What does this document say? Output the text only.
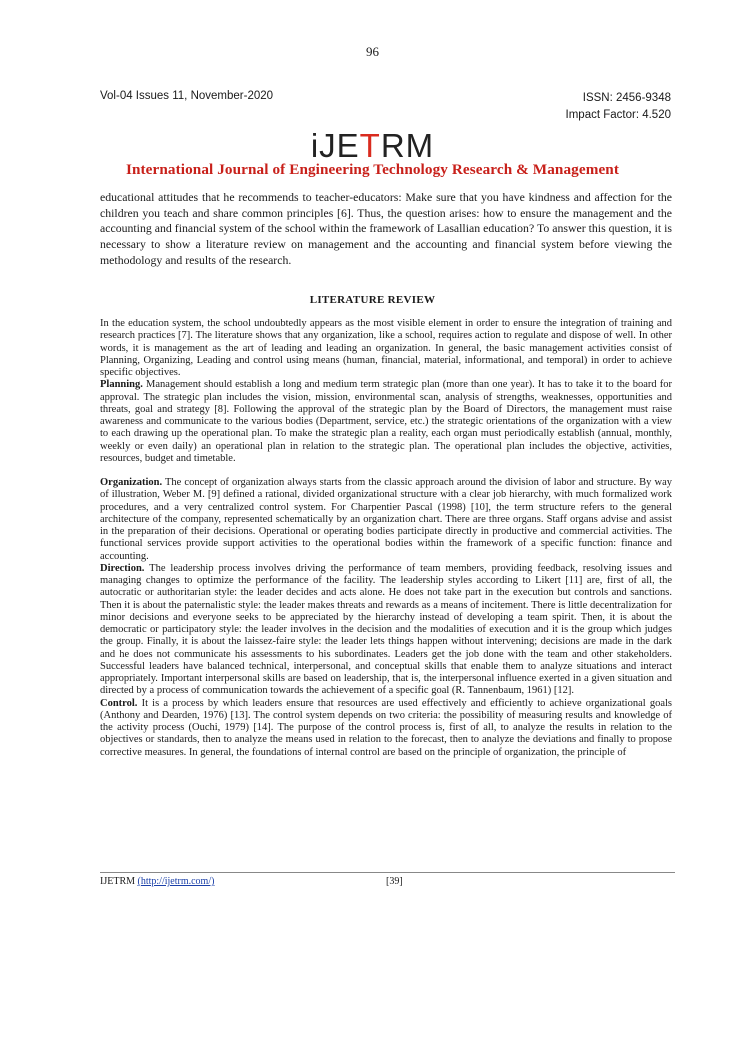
96
Vol-04 Issues 11, November-2020	ISSN: 2456-9348
Impact Factor: 4.520
iJETRM
International Journal of Engineering Technology Research & Management
educational attitudes that he recommends to teacher-educators: Make sure that you have kindness and affection for the children you teach and share common principles [6]. Thus, the question arises: how to ensure the management and the accounting and financial system of the school within the framework of Lasallian education? To answer this question, it is necessary to show a literature review on management and the accounting and financial system before viewing the methodology and results of the research.
LITERATURE REVIEW

In the education system, the school undoubtedly appears as the most visible element in order to ensure the integration of training and research practices [7]. The literature shows that any organization, like a school, requires action to regulate and dispose of well. In other words, it is management as the art of leading and leading an organization. In general, the basic management activities consist of Planning, Organizing, Leading and control using means (human, financial, material, informational, and temporal) in order to achieve specific objectives.

Planning. Management should establish a long and medium term strategic plan (more than one year). It has to take it to the board for approval. The strategic plan includes the vision, mission, environmental scan, analysis of strengths, weaknesses, opportunities and threats, goal and strategy [8]. Following the approval of the strategic plan by the Board of Directors, the management must raise awareness and communicate to the various bodies (Department, service, etc.) the strategic orientations of the organization with a view to each drawing up the operational plan. To make the strategic plan a reality, each organ must periodically establish (annual, monthly, weekly or even daily) an operational plan in relation to the strategic plan. The operational plan includes the objective, activities, resources, budget and timetable.

Organization. The concept of organization always starts from the classic approach around the division of labor and structure. By way of illustration, Weber M. [9] defined a rational, divided organizational structure with a clear job hierarchy, with much formalized work procedures, and a very centralized control system. For Charpentier Pascal (1998) [10], the term structure refers to the general architecture of the company, represented schematically by an organization chart. There are three organs. Staff organs advise and assist in the preparation of their decisions. Operational or operating bodies participate directly in productive and commercial activities. The functional services provide support activities to the operational bodies within the framework of a specific function: finance and accounting.

Direction. The leadership process involves driving the performance of team members, providing feedback, resolving issues and managing changes to optimize the performance of the facility. The leadership styles according to Likert [11] are, first of all, the autocratic or authoritarian style: the leader decides and acts alone. He does not take part in the execution but controls and sanctions. Then it is about the paternalistic style: the leader makes threats and rewards as a means of incitement. There is little decentralization for minor decisions and everyone seeks to be appreciated by the hierarchy instead of developing a team spirit. Then, it is about the democratic or participatory style: the leader involves in the decision and the modalities of execution and it is the group which judges the group. Finally, it is about the laissez-faire style: the leader lets things happen without intervening; decisions are made in the dark and he does not communicate his assessments to his subordinates. Leaders get the job done with the team and other stakeholders. Successful leaders have balanced technical, interpersonal, and conceptual skills that enable them to analyze situations and interact appropriately. Important interpersonal skills are based on leadership, that is, the interpersonal influence exerted in a given situation and directed by a process of communication towards the achievement of a specific goal (R. Tannenbaum, 1961) [12].

Control. It is a process by which leaders ensure that resources are used effectively and efficiently to achieve organizational goals (Anthony and Dearden, 1976) [13]. The control system depends on two criteria: the possibility of measuring results and knowledge of the activity process (Ouchi, 1979) [14]. The purpose of the control process is, first of all, to analyze the results in relation to the objectives or standards, then to analyze the means used in relation to the forecast, then to analyze the deviations and finally to propose corrective measures. In general, the foundations of internal control are based on the principle of organization, the principle of

IJETRM (http://ijetrm.com/)	[39]
